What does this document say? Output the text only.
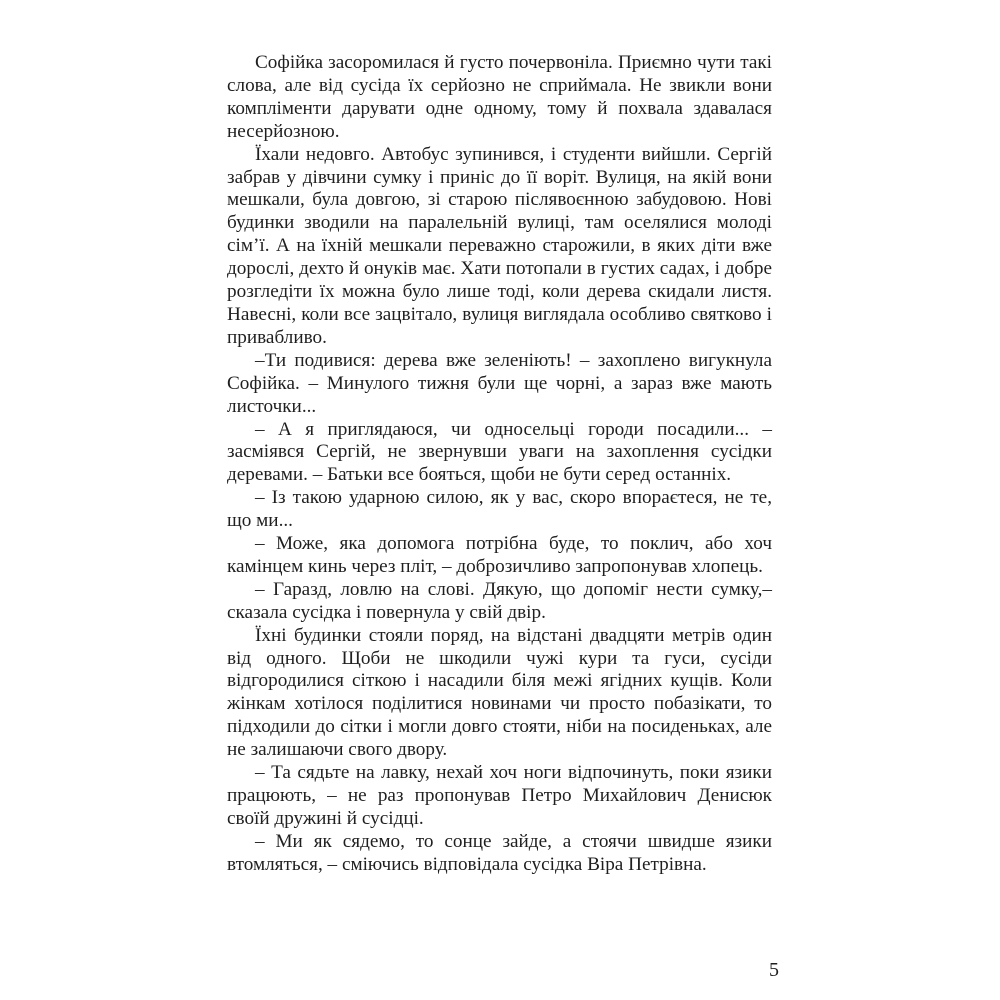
Софійка засоромилася й густо почервоніла. Приємно чути такі слова, але від сусіда їх серйозно не сприймала. Не звикли вони компліменти дарувати одне одному, тому й похвала здавалася несерйозною.

Їхали недовго. Автобус зупинився, і студенти вийшли. Сергій забрав у дівчини сумку і приніс до її воріт. Вулиця, на якій вони мешкали, була довгою, зі старою післявоєнною забудовою. Нові будинки зводили на паралельній вулиці, там оселялися молоді сім’ї. А на їхній мешкали переважно старожили, в яких діти вже дорослі, дехто й онуків має. Хати потопали в густих садах, і добре розгледіти їх можна було лише тоді, коли дерева скидали листя. Навесні, коли все зацвітало, вулиця виглядала особливо святково і привабливо.

–Ти подивися: дерева вже зеленіють! – захоплено вигукнула Софійка. – Минулого тижня були ще чорні, а зараз вже мають листочки...

– А я приглядаюся, чи односельці городи посадили... – засміявся Сергій, не звернувши уваги на захоплення сусідки деревами. – Батьки все бояться, щоби не бути серед останніх.

– Із такою ударною силою, як у вас, скоро впораєтеся, не те, що ми...

– Може, яка допомога потрібна буде, то поклич, або хоч камінцем кинь через пліт, – доброзичливо запропонував хлопець.

– Гаразд, ловлю на слові. Дякую, що допоміг нести сумку,– сказала сусідка і повернула у свій двір.

Їхні будинки стояли поряд, на відстані двадцяти метрів один від одного. Щоби не шкодили чужі кури та гуси, сусіди відгородилися сіткою і насадили біля межі ягідних кущів. Коли жінкам хотілося поділитися новинами чи просто побазікати, то підходили до сітки і могли довго стояти, ніби на посиденьках, але не залишаючи свого двору.

– Та сядьте на лавку, нехай хоч ноги відпочинуть, поки язики працюють, – не раз пропонував Петро Михайлович Денисюк своїй дружині й сусідці.

– Ми як сядемо, то сонце зайде, а стоячи швидше язики втомляться, – сміючись відповідала сусідка Віра Петрівна.

5
